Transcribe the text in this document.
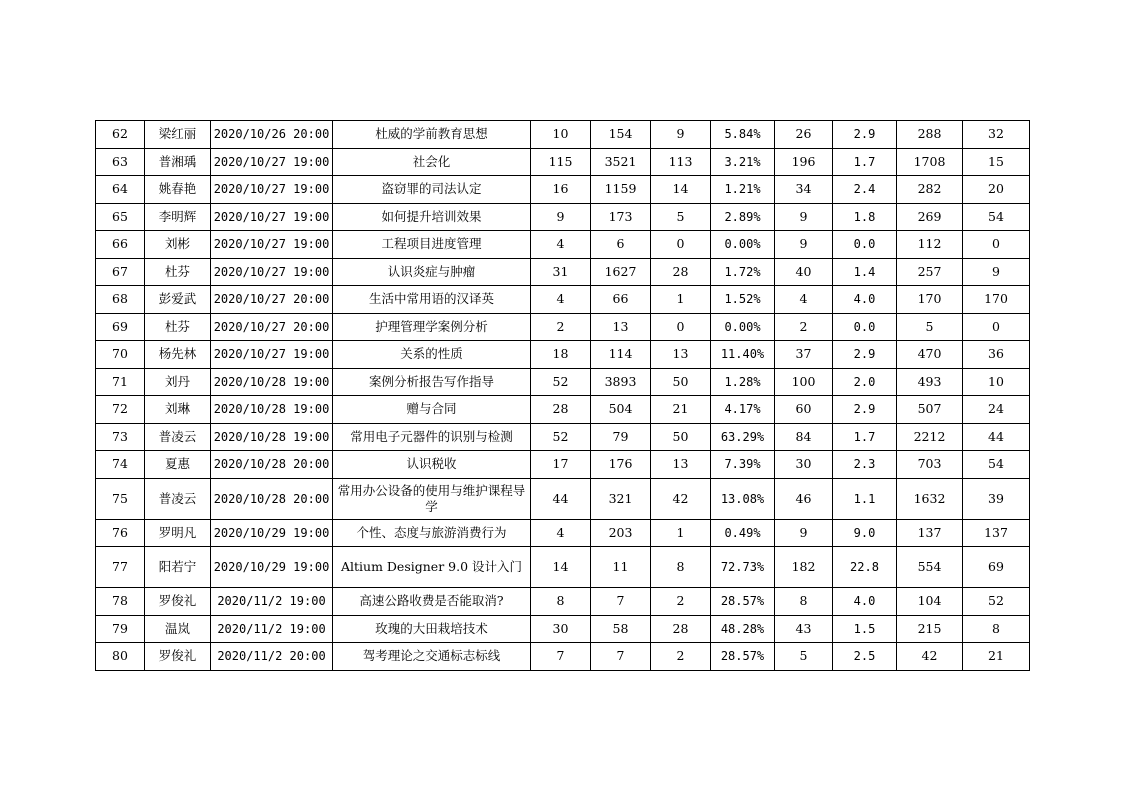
62	梁红丽	2020/10/26 20:00	杜威的学前教育思想	10	154	9	5.84%	26	2.9	288	32
63	普湘瑀	2020/10/27 19:00	社会化	115	3521	113	3.21%	196	1.7	1708	15
64	姚春艳	2020/10/27 19:00	盗窃罪的司法认定	16	1159	14	1.21%	34	2.4	282	20
65	李明辉	2020/10/27 19:00	如何提升培训效果	9	173	5	2.89%	9	1.8	269	54
66	刘彬	2020/10/27 19:00	工程项目进度管理	4	6	0	0.00%	9	0.0	112	0
67	杜芬	2020/10/27 19:00	认识炎症与肿瘤	31	1627	28	1.72%	40	1.4	257	9
68	彭爱武	2020/10/27 20:00	生活中常用语的汉译英	4	66	1	1.52%	4	4.0	170	170
69	杜芬	2020/10/27 20:00	护理管理学案例分析	2	13	0	0.00%	2	0.0	5	0
70	杨先林	2020/10/27 19:00	关系的性质	18	114	13	11.40%	37	2.9	470	36
71	刘丹	2020/10/28 19:00	案例分析报告写作指导	52	3893	50	1.28%	100	2.0	493	10
72	刘琳	2020/10/28 19:00	赠与合同	28	504	21	4.17%	60	2.9	507	24
73	普凌云	2020/10/28 19:00	常用电子元器件的识别与检测	52	79	50	63.29%	84	1.7	2212	44
74	夏惠	2020/10/28 20:00	认识税收	17	176	13	7.39%	30	2.3	703	54
75	普凌云	2020/10/28 20:00	常用办公设备的使用与维护课程导学	44	321	42	13.08%	46	1.1	1632	39
76	罗明凡	2020/10/29 19:00	个性、态度与旅游消费行为	4	203	1	0.49%	9	9.0	137	137
77	阳若宁	2020/10/29 19:00	Altium Designer 9.0 设计入门	14	11	8	72.73%	182	22.8	554	69
78	罗俊礼	2020/11/2 19:00	高速公路收费是否能取消?	8	7	2	28.57%	8	4.0	104	52
79	温岚	2020/11/2 19:00	玫瑰的大田栽培技术	30	58	28	48.28%	43	1.5	215	8
80	罗俊礼	2020/11/2 20:00	驾考理论之交通标志标线	7	7	2	28.57%	5	2.5	42	21
